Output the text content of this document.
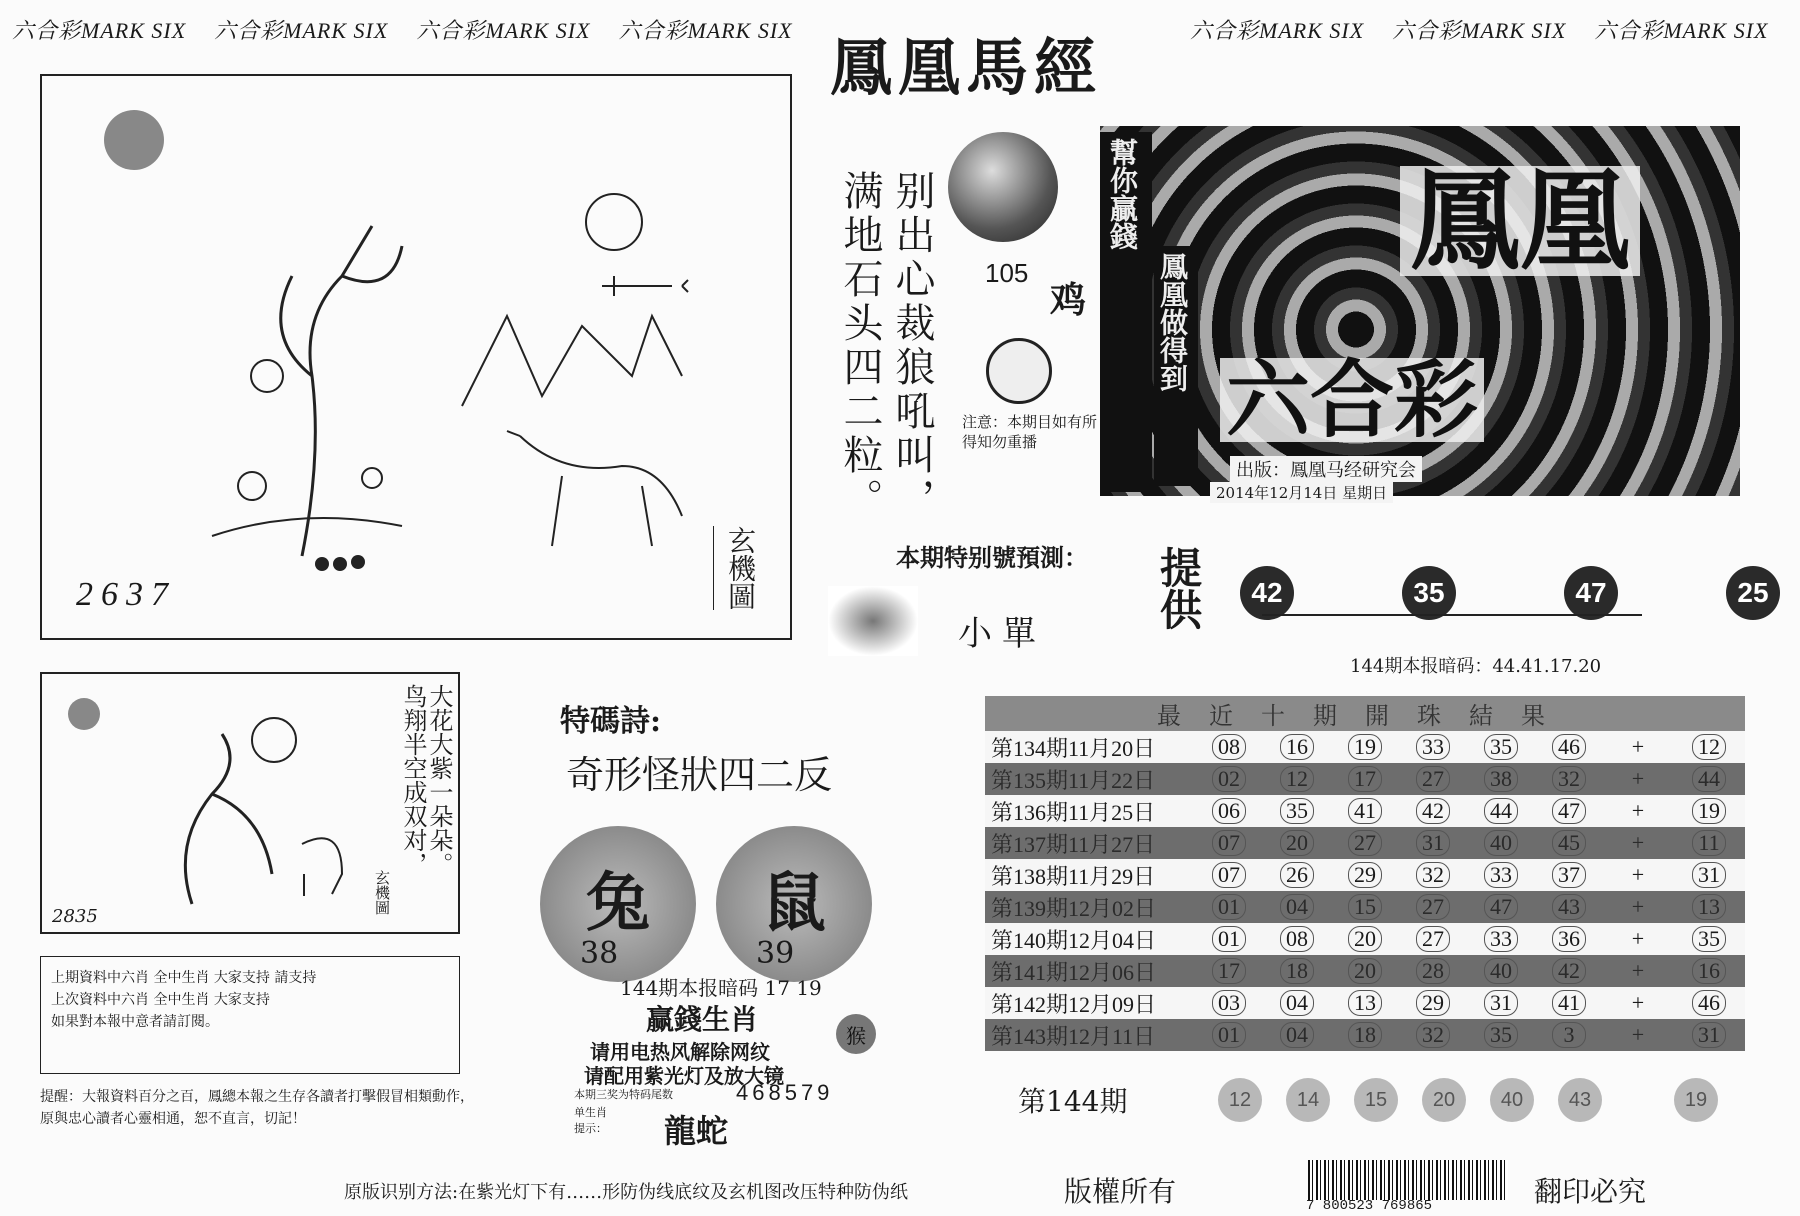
六合彩MARK SIX 六合彩MARK SIX 六合彩MARK SIX 六合彩MARK SIX	六合彩MARK SIX 六合彩MARK SIX 六合彩MARK SIX
鳳凰馬經
2637	玄機圖
满地石头四二粒。 别出心裁狼吼叫， 105
鸡
注意：本期目如有所得知勿重播
幫你贏錢
鳳凰做得到
鳳凰
六合彩
出版：鳳凰马经研究会
2014年12月14日 星期日
本期特别號預測： 提供	42	35	47	25
小單
144期本报暗码：44.41.17.20
最近十期開珠結果								
第134期11月20日	08	16	19	33	35	46	+	12
第135期11月22日	02	12	17	27	38	32	+	44
第136期11月25日	06	35	41	42	44	47	+	19
第137期11月27日	07	20	27	31	40	45	+	11
第138期11月29日	07	26	29	32	33	37	+	31
第139期12月02日	01	04	15	27	47	43	+	13
第140期12月04日	01	08	20	27	33	36	+	35
第141期12月06日	17	18	20	28	40	42	+	16
第142期12月09日	03	04	13	29	31	41	+	46
第143期12月11日	01	04	18	32	35	3	+	31
第144期	12	14	15	20	40	43	19
2835
玄機圖
鸟翔半空成双对，
大花大紫一朵朵。
上期資料中六肖 全中生肖 大家支持 請支持
上次資料中六肖 全中生肖 大家支持
如果對本報中意者請訂閱。
提醒：大報資料百分之百，鳳總本報之生存各讀者打擊假冒相類動作，原與忠心讀者心靈相通，恕不直言，切記！
特碼詩:
奇形怪狀四二反
兔
38
鼠
39
144期本报暗码 17 19
赢錢生肖	猴
请用电热风解除网纹
请配用紫光灯及放大镜
本期三奖为特码尾数	468579
单生肖
提示： 龍蛇
原版识别方法:在紫光灯下有……形防伪线底纹及玄机图改压特种防伪纸	版權所有	7 800523 769865	翻印必究
